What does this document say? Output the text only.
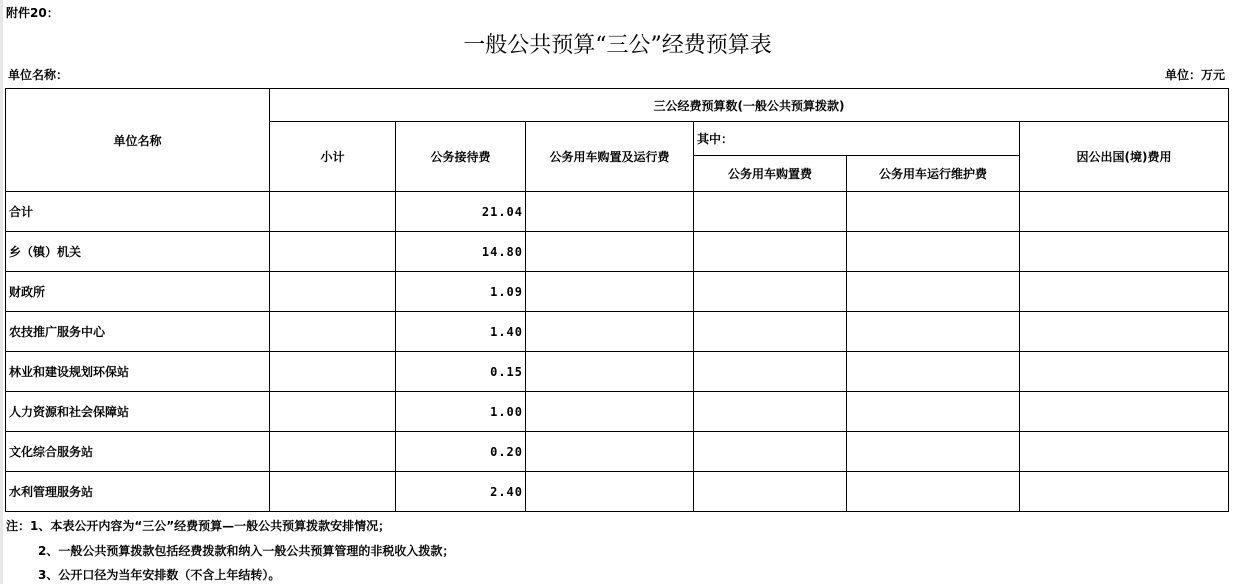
附件20：
一般公共预算“三公”经费预算表
单位名称：	单位：万元
单位名称	三公经费预算数(一般公共预算拨款)					
	小计	公务接待费	公务用车购置及运行费	其中：		因公出国(境)费用
				公务用车购置费	公务用车运行维护费	
合计		21.04				
乡（镇）机关		14.80				
财政所		1.09				
农技推广服务中心		1.40				
林业和建设规划环保站		0.15				
人力资源和社会保障站		1.00				
文化综合服务站		0.20				
水利管理服务站		2.40				
注：1、本表公开内容为“三公”经费预算—一般公共预算拨款安排情况；
2、一般公共预算拨款包括经费拨款和纳入一般公共预算管理的非税收入拨款；
3、公开口径为当年安排数（不含上年结转）。
